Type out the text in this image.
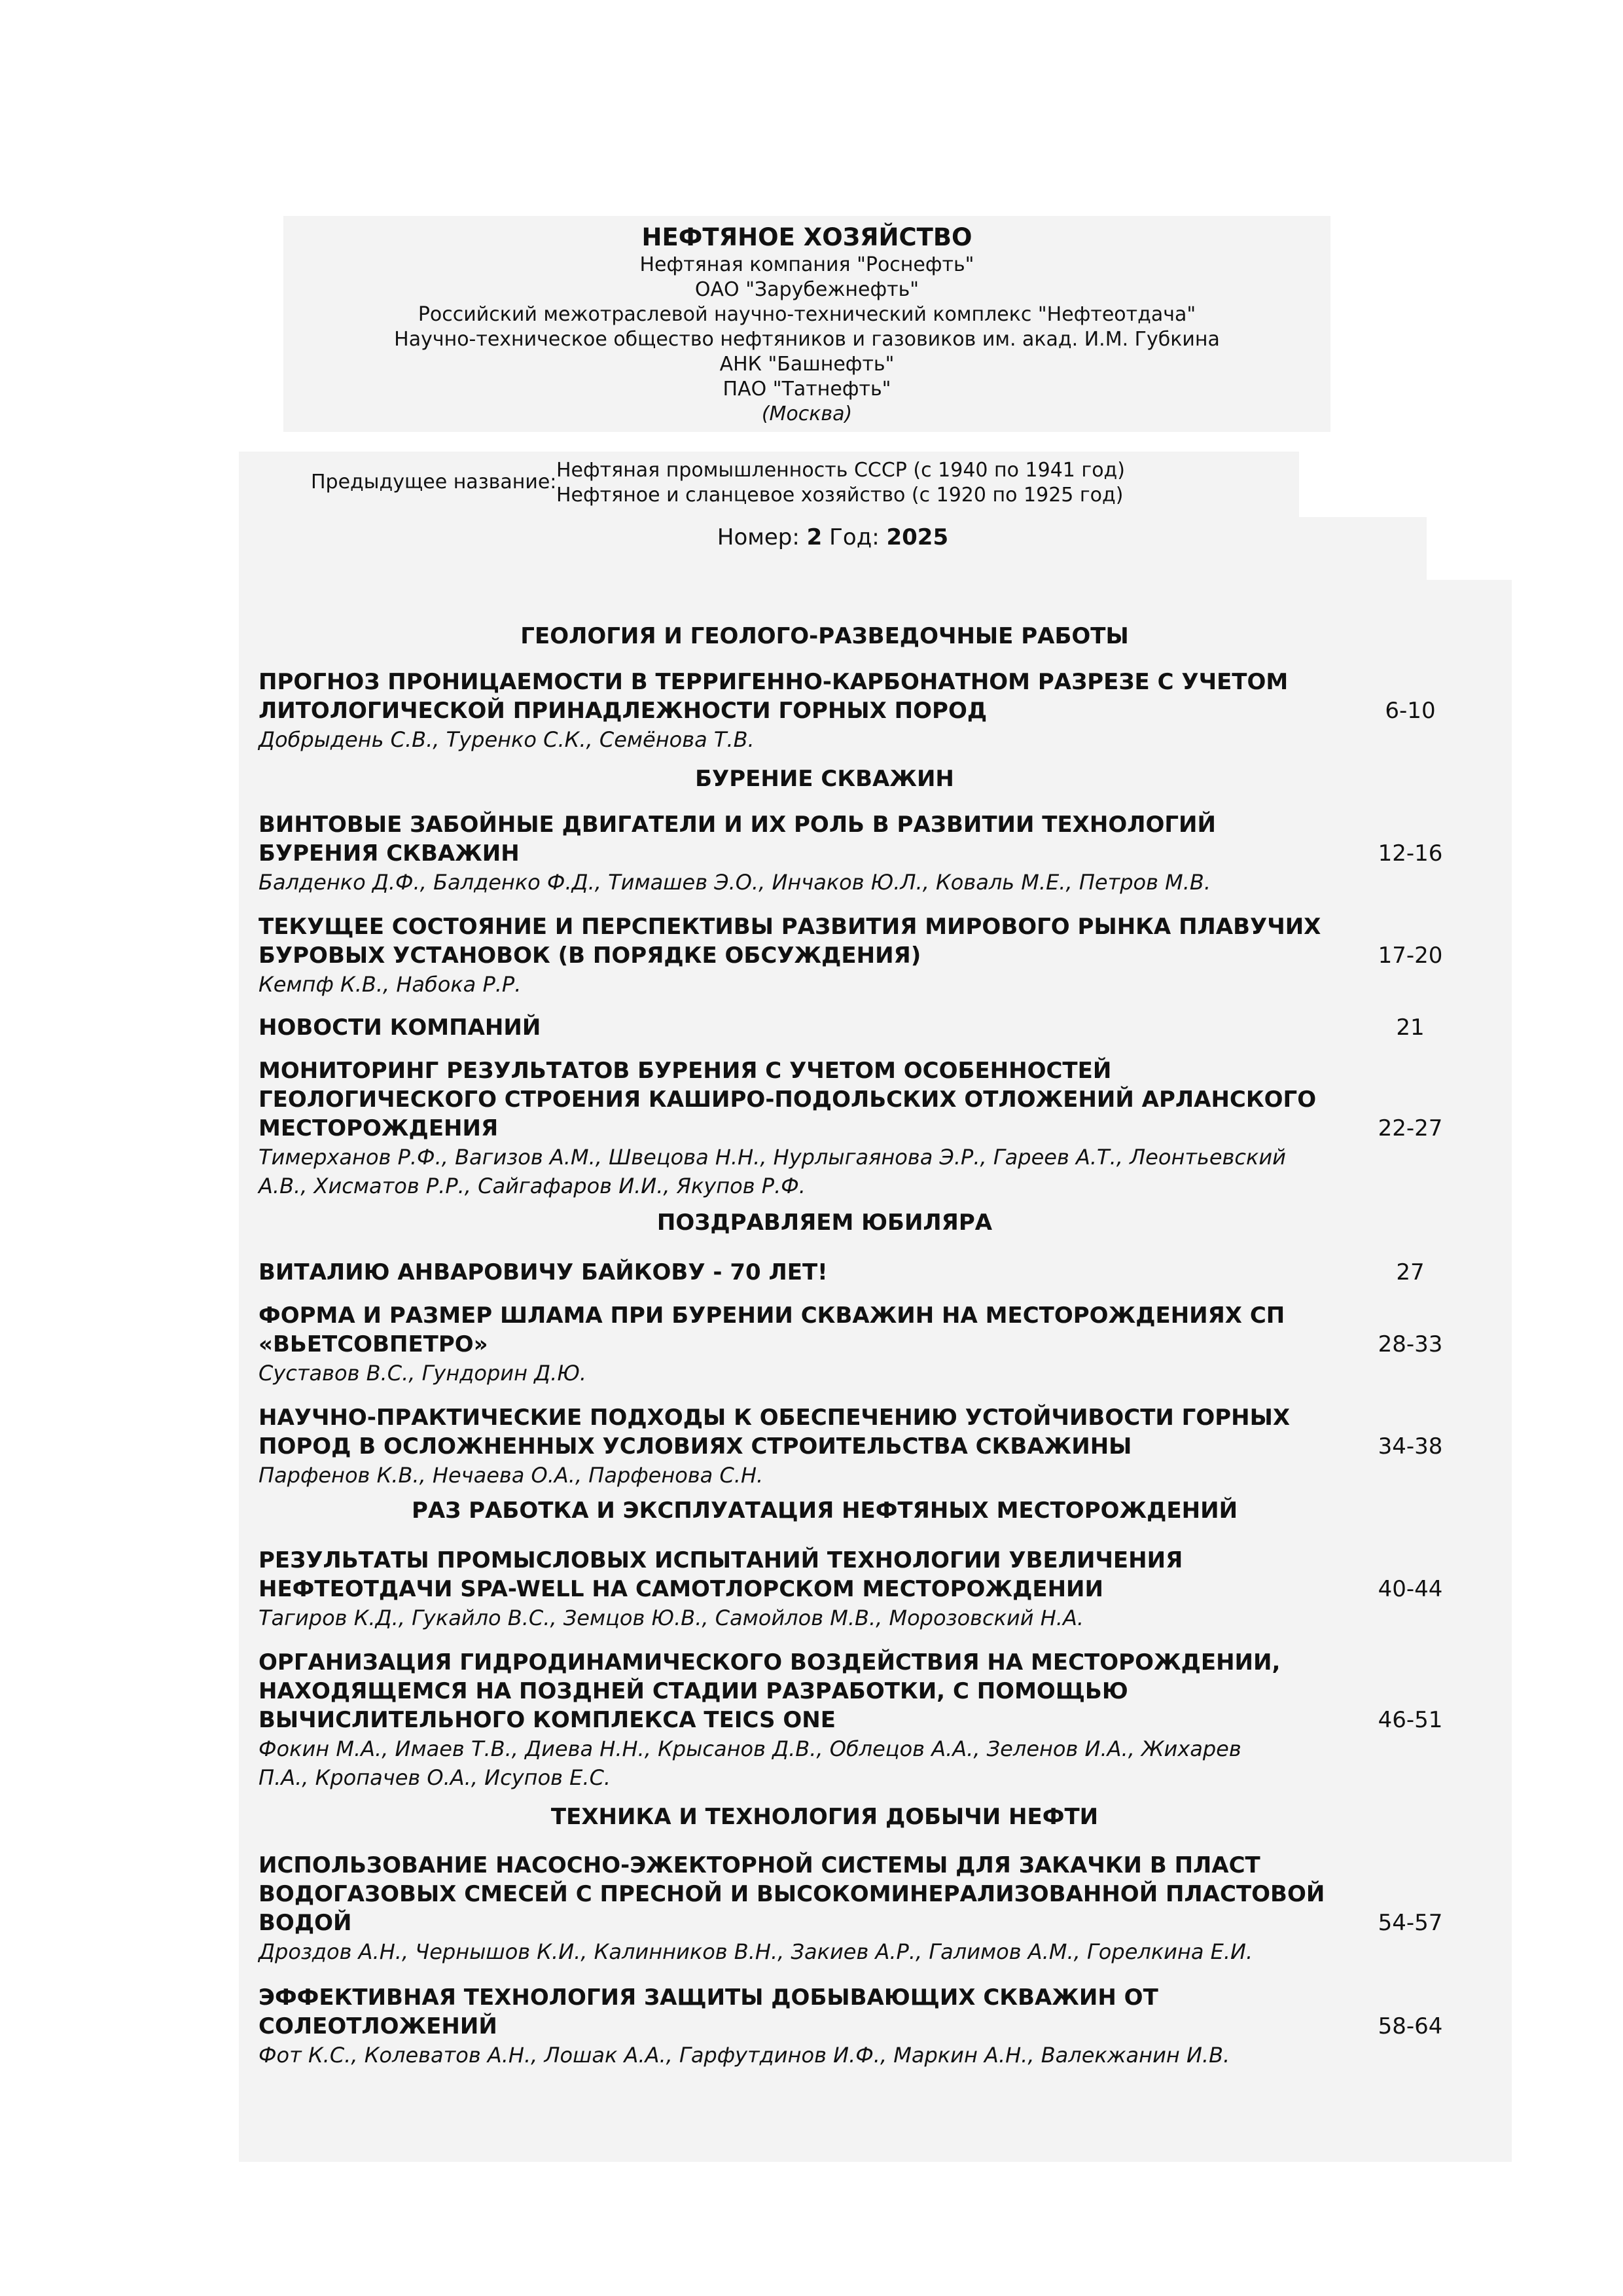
НЕФТЯНОЕ ХОЗЯЙСТВО
Нефтяная компания "Роснефть"
ОАО "Зарубежнефть"
Российский межотраслевой научно-технический комплекс "Нефтеотдача"
Научно-техническое общество нефтяников и газовиков им. акад. И.М. Губкина
АНК "Башнефть"
ПАО "Татнефть"
(Москва)
Предыдущее название:
Нефтяная промышленность СССР (с 1940 по 1941 год)
Нефтяное и сланцевое хозяйство (с 1920 по 1925 год)
Номер: 2 Год: 2025
ГЕОЛОГИЯ И ГЕОЛОГО-РАЗВЕДОЧНЫЕ РАБОТЫ
ПРОГНОЗ ПРОНИЦАЕМОСТИ В ТЕРРИГЕННО-КАРБОНАТНОМ РАЗРЕЗЕ С УЧЕТОМ
ЛИТОЛОГИЧЕСКОЙ ПРИНАДЛЕЖНОСТИ ГОРНЫХ ПОРОД
Добрыдень С.В., Туренко С.К., Семёнова Т.В.
6-10
БУРЕНИЕ СКВАЖИН
ВИНТОВЫЕ ЗАБОЙНЫЕ ДВИГАТЕЛИ И ИХ РОЛЬ В РАЗВИТИИ ТЕХНОЛОГИЙ
БУРЕНИЯ СКВАЖИН
Балденко Д.Ф., Балденко Ф.Д., Тимашев Э.О., Инчаков Ю.Л., Коваль М.Е., Петров М.В.
12-16
ТЕКУЩЕЕ СОСТОЯНИЕ И ПЕРСПЕКТИВЫ РАЗВИТИЯ МИРОВОГО РЫНКА ПЛАВУЧИХ
БУРОВЫХ УСТАНОВОК (В ПОРЯДКЕ ОБСУЖДЕНИЯ)
Кемпф К.В., Набока Р.Р.
17-20
НОВОСТИ КОМПАНИЙ	21
МОНИТОРИНГ РЕЗУЛЬТАТОВ БУРЕНИЯ С УЧЕТОМ ОСОБЕННОСТЕЙ
ГЕОЛОГИЧЕСКОГО СТРОЕНИЯ КАШИРО-ПОДОЛЬСКИХ ОТЛОЖЕНИЙ АРЛАНСКОГО
МЕСТОРОЖДЕНИЯ
Тимерханов Р.Ф., Вагизов А.М., Швецова Н.Н., Нурлыгаянова Э.Р., Гареев А.Т., Леонтьевский
А.В., Хисматов Р.Р., Сайгафаров И.И., Якупов Р.Ф.
22-27
ПОЗДРАВЛЯЕМ ЮБИЛЯРА
ВИТАЛИЮ АНВАРОВИЧУ БАЙКОВУ - 70 ЛЕТ!	27
ФОРМА И РАЗМЕР ШЛАМА ПРИ БУРЕНИИ СКВАЖИН НА МЕСТОРОЖДЕНИЯХ СП
«ВЬЕТСОВПЕТРО»
Суставов В.С., Гундорин Д.Ю.
28-33
НАУЧНО-ПРАКТИЧЕСКИЕ ПОДХОДЫ К ОБЕСПЕЧЕНИЮ УСТОЙЧИВОСТИ ГОРНЫХ
ПОРОД В ОСЛОЖНЕННЫХ УСЛОВИЯХ СТРОИТЕЛЬСТВА СКВАЖИНЫ
Парфенов К.В., Нечаева О.А., Парфенова С.Н.
34-38
РАЗ РАБОТКА И ЭКСПЛУАТАЦИЯ НЕФТЯНЫХ МЕСТОРОЖДЕНИЙ
РЕЗУЛЬТАТЫ ПРОМЫСЛОВЫХ ИСПЫТАНИЙ ТЕХНОЛОГИИ УВЕЛИЧЕНИЯ
НЕФТЕОТДАЧИ SPA-WELL НА САМОТЛОРСКОМ МЕСТОРОЖДЕНИИ
Тагиров К.Д., Гукайло В.С., Земцов Ю.В., Самойлов М.В., Морозовский Н.А.
40-44
ОРГАНИЗАЦИЯ ГИДРОДИНАМИЧЕСКОГО ВОЗДЕЙСТВИЯ НА МЕСТОРОЖДЕНИИ,
НАХОДЯЩЕМСЯ НА ПОЗДНЕЙ СТАДИИ РАЗРАБОТКИ, С ПОМОЩЬЮ
ВЫЧИСЛИТЕЛЬНОГО КОМПЛЕКСА TEICS ONE
Фокин М.А., Имаев Т.В., Диева Н.Н., Крысанов Д.В., Облецов А.А., Зеленов И.А., Жихарев
П.А., Кропачев О.А., Исупов Е.С.
46-51
ТЕХНИКА И ТЕХНОЛОГИЯ ДОБЫЧИ НЕФТИ
ИСПОЛЬЗОВАНИЕ НАСОСНО-ЭЖЕКТОРНОЙ СИСТЕМЫ ДЛЯ ЗАКАЧКИ В ПЛАСТ
ВОДОГАЗОВЫХ СМЕСЕЙ С ПРЕСНОЙ И ВЫСОКОМИНЕРАЛИЗОВАННОЙ ПЛАСТОВОЙ
ВОДОЙ
Дроздов А.Н., Чернышов К.И., Калинников В.Н., Закиев А.Р., Галимов А.М., Горелкина Е.И.
54-57
ЭФФЕКТИВНАЯ ТЕХНОЛОГИЯ ЗАЩИТЫ ДОБЫВАЮЩИХ СКВАЖИН ОТ
СОЛЕОТЛОЖЕНИЙ
Фот К.С., Колеватов А.Н., Лошак А.А., Гарфутдинов И.Ф., Маркин А.Н., Валекжанин И.В.
58-64
